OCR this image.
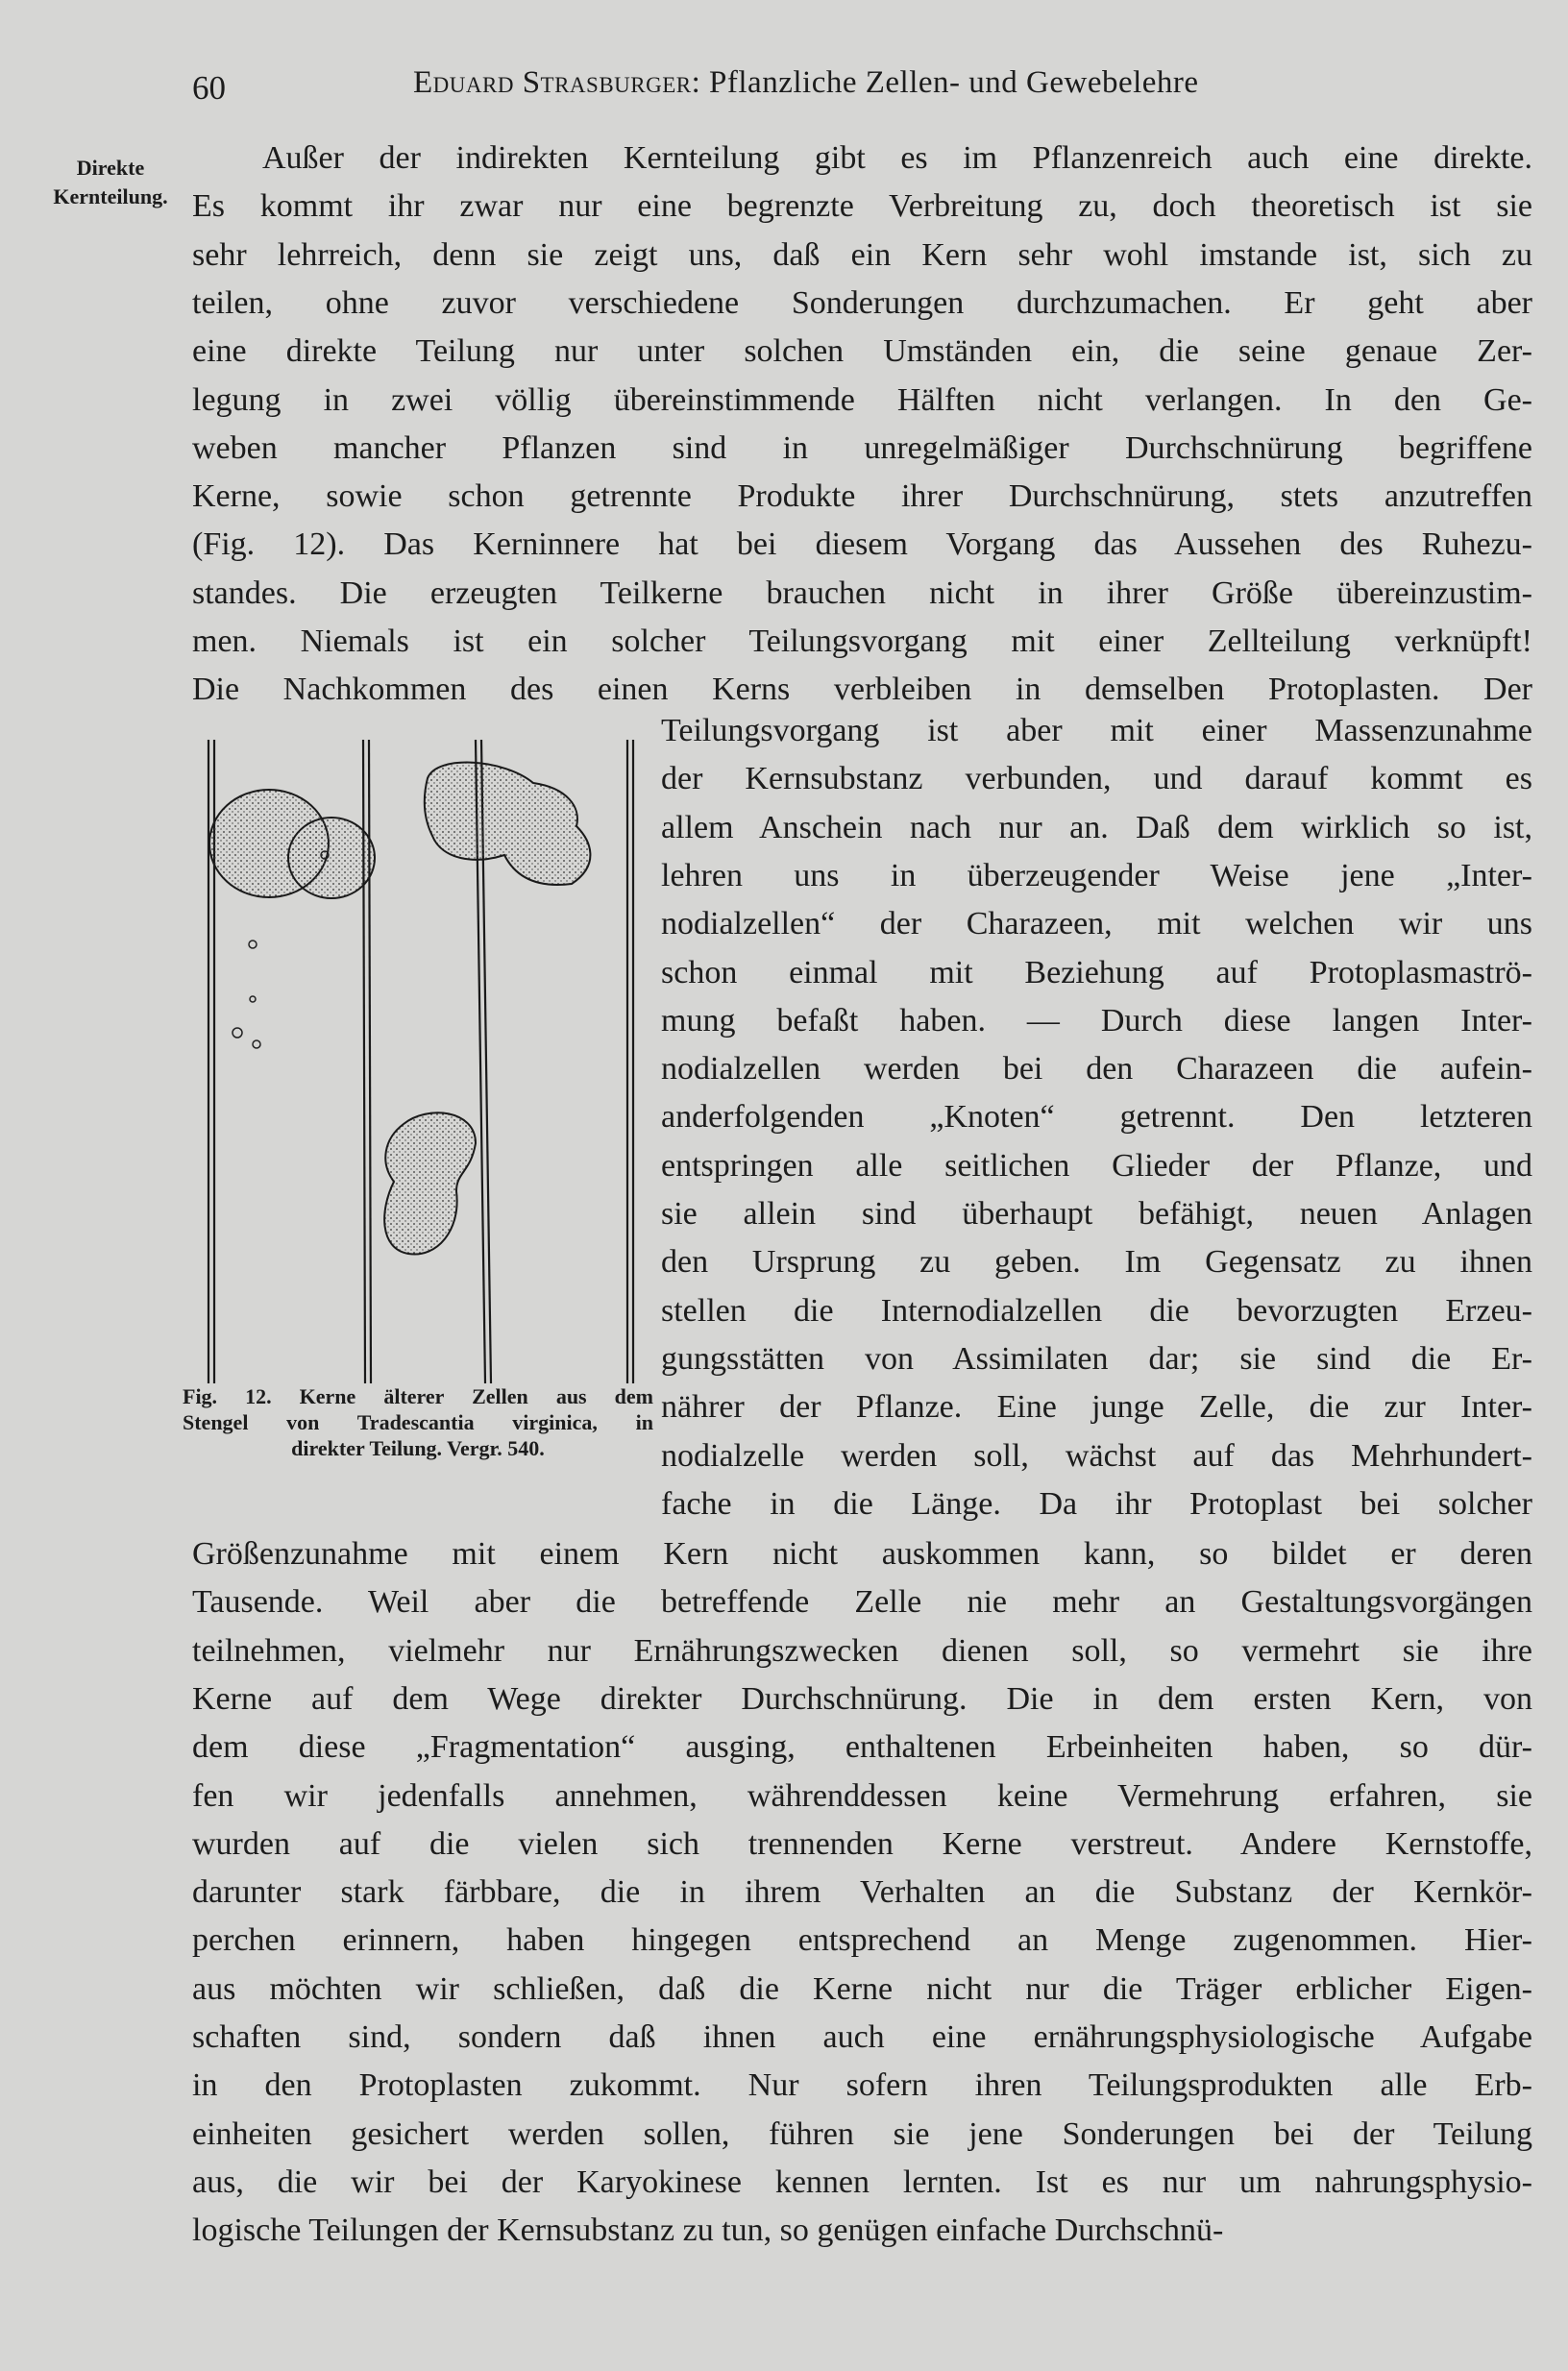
60	Eduard Strasburger: Pflanzliche Zellen- und Gewebelehre
Direkte
Kernteilung.
Außer der indirekten Kernteilung gibt es im Pflanzenreich auch eine direkte.
Es kommt ihr zwar nur eine begrenzte Verbreitung zu, doch theoretisch ist sie
sehr lehrreich, denn sie zeigt uns, daß ein Kern sehr wohl imstande ist, sich zu
teilen, ohne zuvor verschiedene Sonderungen durchzumachen. Er geht aber
eine direkte Teilung nur unter solchen Umständen ein, die seine genaue Zer-
legung in zwei völlig übereinstimmende Hälften nicht verlangen. In den Ge-
weben mancher Pflanzen sind in unregelmäßiger Durchschnürung begriffene
Kerne, sowie schon getrennte Produkte ihrer Durchschnürung, stets anzutreffen
(Fig. 12). Das Kerninnere hat bei diesem Vorgang das Aussehen des Ruhezu-
standes. Die erzeugten Teilkerne brauchen nicht in ihrer Größe übereinzustim-
men. Niemals ist ein solcher Teilungsvorgang mit einer Zellteilung verknüpft!
Die Nachkommen des einen Kerns verbleiben in demselben Protoplasten. Der
Teilungsvorgang ist aber mit einer Massenzunahme
der Kernsubstanz verbunden, und darauf kommt es
allem Anschein nach nur an. Daß dem wirklich so ist,
lehren uns in überzeugender Weise jene „Inter-
nodialzellen“ der Charazeen, mit welchen wir uns
schon einmal mit Beziehung auf Protoplasmaströ-
mung befaßt haben. — Durch diese langen Inter-
nodialzellen werden bei den Charazeen die aufein-
anderfolgenden „Knoten“ getrennt. Den letzteren
entspringen alle seitlichen Glieder der Pflanze, und
sie allein sind überhaupt befähigt, neuen Anlagen
den Ursprung zu geben. Im Gegensatz zu ihnen
stellen die Internodialzellen die bevorzugten Erzeu-
gungsstätten von Assimilaten dar; sie sind die Er-
nährer der Pflanze. Eine junge Zelle, die zur Inter-
nodialzelle werden soll, wächst auf das Mehrhundert-
fache in die Länge. Da ihr Protoplast bei solcher
Größenzunahme mit einem Kern nicht auskommen kann, so bildet er deren
Tausende. Weil aber die betreffende Zelle nie mehr an Gestaltungsvorgängen
teilnehmen, vielmehr nur Ernährungszwecken dienen soll, so vermehrt sie ihre
Kerne auf dem Wege direkter Durchschnürung. Die in dem ersten Kern, von
dem diese „Fragmentation“ ausging, enthaltenen Erbeinheiten haben, so dür-
fen wir jedenfalls annehmen, währenddessen keine Vermehrung erfahren, sie
wurden auf die vielen sich trennenden Kerne verstreut. Andere Kernstoffe,
darunter stark färbbare, die in ihrem Verhalten an die Substanz der Kernkör-
perchen erinnern, haben hingegen entsprechend an Menge zugenommen. Hier-
aus möchten wir schließen, daß die Kerne nicht nur die Träger erblicher Eigen-
schaften sind, sondern daß ihnen auch eine ernährungsphysiologische Aufgabe
in den Protoplasten zukommt. Nur sofern ihren Teilungsprodukten alle Erb-
einheiten gesichert werden sollen, führen sie jene Sonderungen bei der Teilung
aus, die wir bei der Karyokinese kennen lernten. Ist es nur um nahrungsphysio-
logische Teilungen der Kernsubstanz zu tun, so genügen einfache Durchschnü-
Fig. 12. Kerne älterer Zellen aus dem
Stengel von Tradescantia virginica, in
direkter Teilung. Vergr. 540.
